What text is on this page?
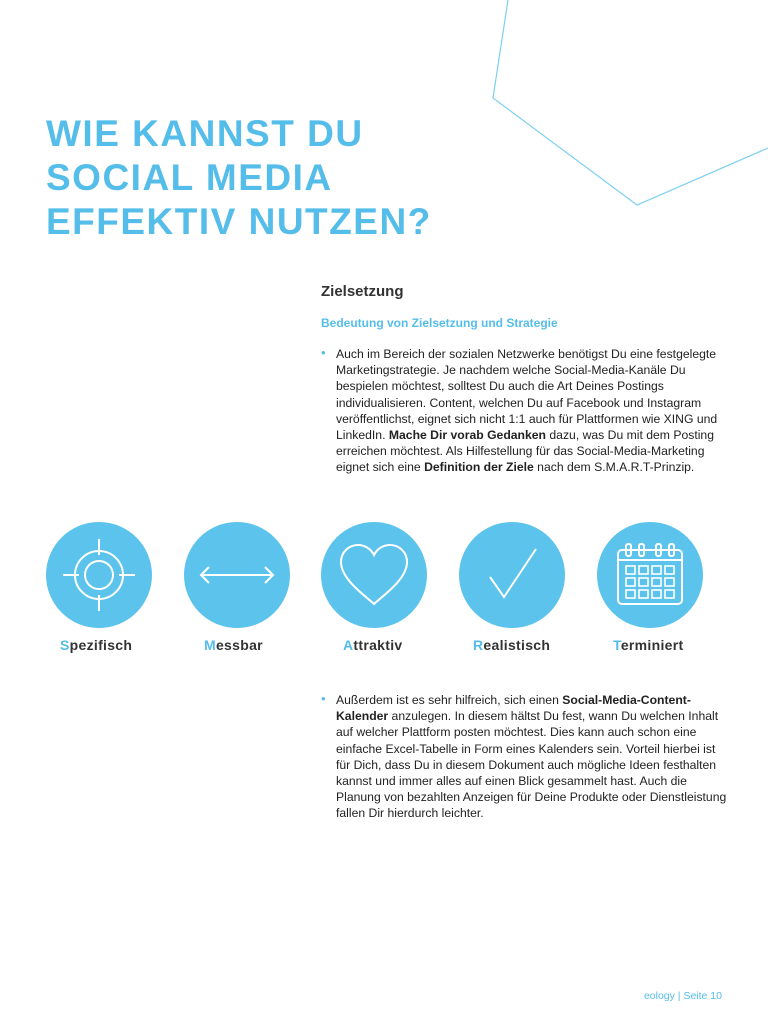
WIE KANNST DU
SOCIAL MEDIA
EFFEKTIV NUTZEN?
Zielsetzung
Bedeutung von Zielsetzung und Strategie

• Auch im Bereich der sozialen Netzwerke benötigst Du eine festgelegte Marketingstrategie. Je nachdem welche Social-Media-Kanäle Du bespielen möchtest, solltest Du auch die Art Deines Postings individualisieren. Content, welchen Du auf Facebook und Instagram veröffentlichst, eignet sich nicht 1:1 auch für Plattformen wie XING und LinkedIn. Mache Dir vorab Gedanken dazu, was Du mit dem Posting erreichen möchtest. Als Hilfestellung für das Social-Media-Marketing eignet sich eine Definition der Ziele nach dem S.M.A.R.T-Prinzip.

Spezifisch	Messbar	Attraktiv	Realistisch	Terminiert

• Außerdem ist es sehr hilfreich, sich einen Social-Media-Content-Kalender anzulegen. In diesem hältst Du fest, wann Du welchen Inhalt auf welcher Plattform posten möchtest. Dies kann auch schon eine einfache Excel-Tabelle in Form eines Kalenders sein. Vorteil hierbei ist für Dich, dass Du in diesem Dokument auch mögliche Ideen festhalten kannst und immer alles auf einen Blick gesammelt hast. Auch die Planung von bezahlten Anzeigen für Deine Produkte oder Dienstleistung fallen Dir hierdurch leichter.

eology | Seite 10
